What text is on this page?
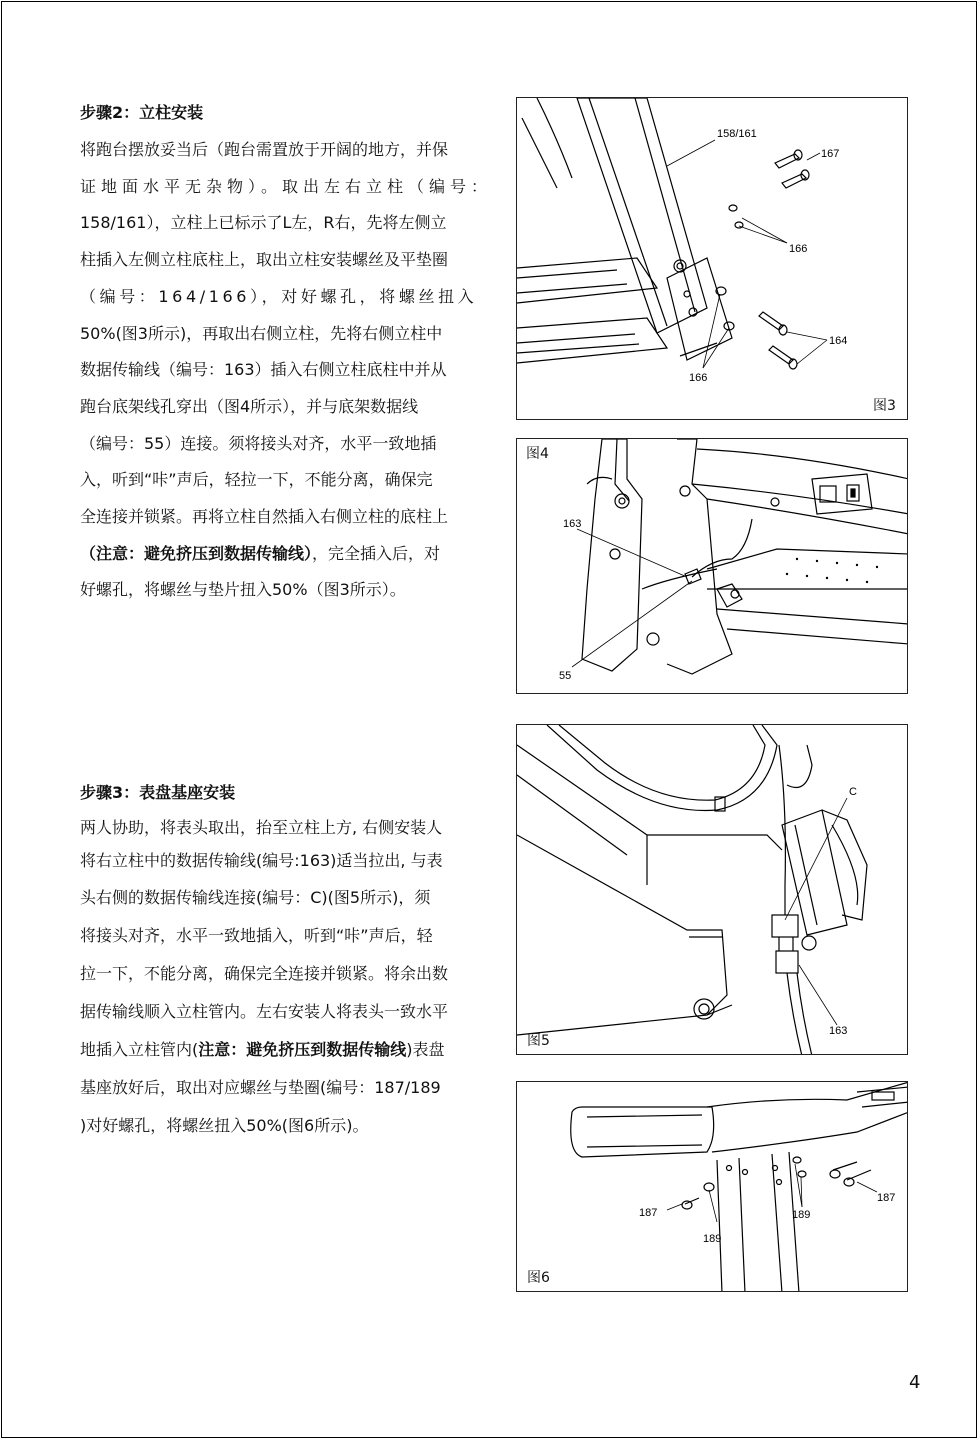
步骤2：立柱安装

将跑台摆放妥当后（跑台需置放于开阔的地方，并保
证地面水平无杂物）。取出左右立柱（编号：
158/161），立柱上已标示了L左，R右，先将左侧立
柱插入左侧立柱底柱上，取出立柱安装螺丝及平垫圈
（编号：164/166），对好螺孔，将螺丝扭入
50%(图3所示)，再取出右侧立柱，先将右侧立柱中
数据传输线（编号：163）插入右侧立柱底柱中并从
跑台底架线孔穿出（图4所示），并与底架数据线
（编号：55）连接。须将接头对齐，水平一致地插
入，听到“咔”声后，轻拉一下，不能分离，确保完
全连接并锁紧。再将立柱自然插入右侧立柱的底柱上
（注意：避免挤压到数据传输线），完全插入后，对
好螺孔，将螺丝与垫片扭入50%（图3所示）。

步骤3：表盘基座安装

两人协助，将表头取出，抬至立柱上方, 右侧安装人
将右立柱中的数据传输线(编号:163)适当拉出, 与表
头右侧的数据传输线连接(编号：C)(图5所示)，须
将接头对齐，水平一致地插入，听到“咔”声后，轻
拉一下，不能分离，确保完全连接并锁紧。将余出数
据传输线顺入立柱管内。左右安装人将表头一致水平
地插入立柱管内(注意：避免挤压到数据传输线)表盘
基座放好后，取出对应螺丝与垫圈(编号：187/189
)对好螺孔，将螺丝扭入50%(图6所示)。

158/161
167
166
164
166
图3
163
55
图4
C
163
图5
187
187
189
189
图6
4
